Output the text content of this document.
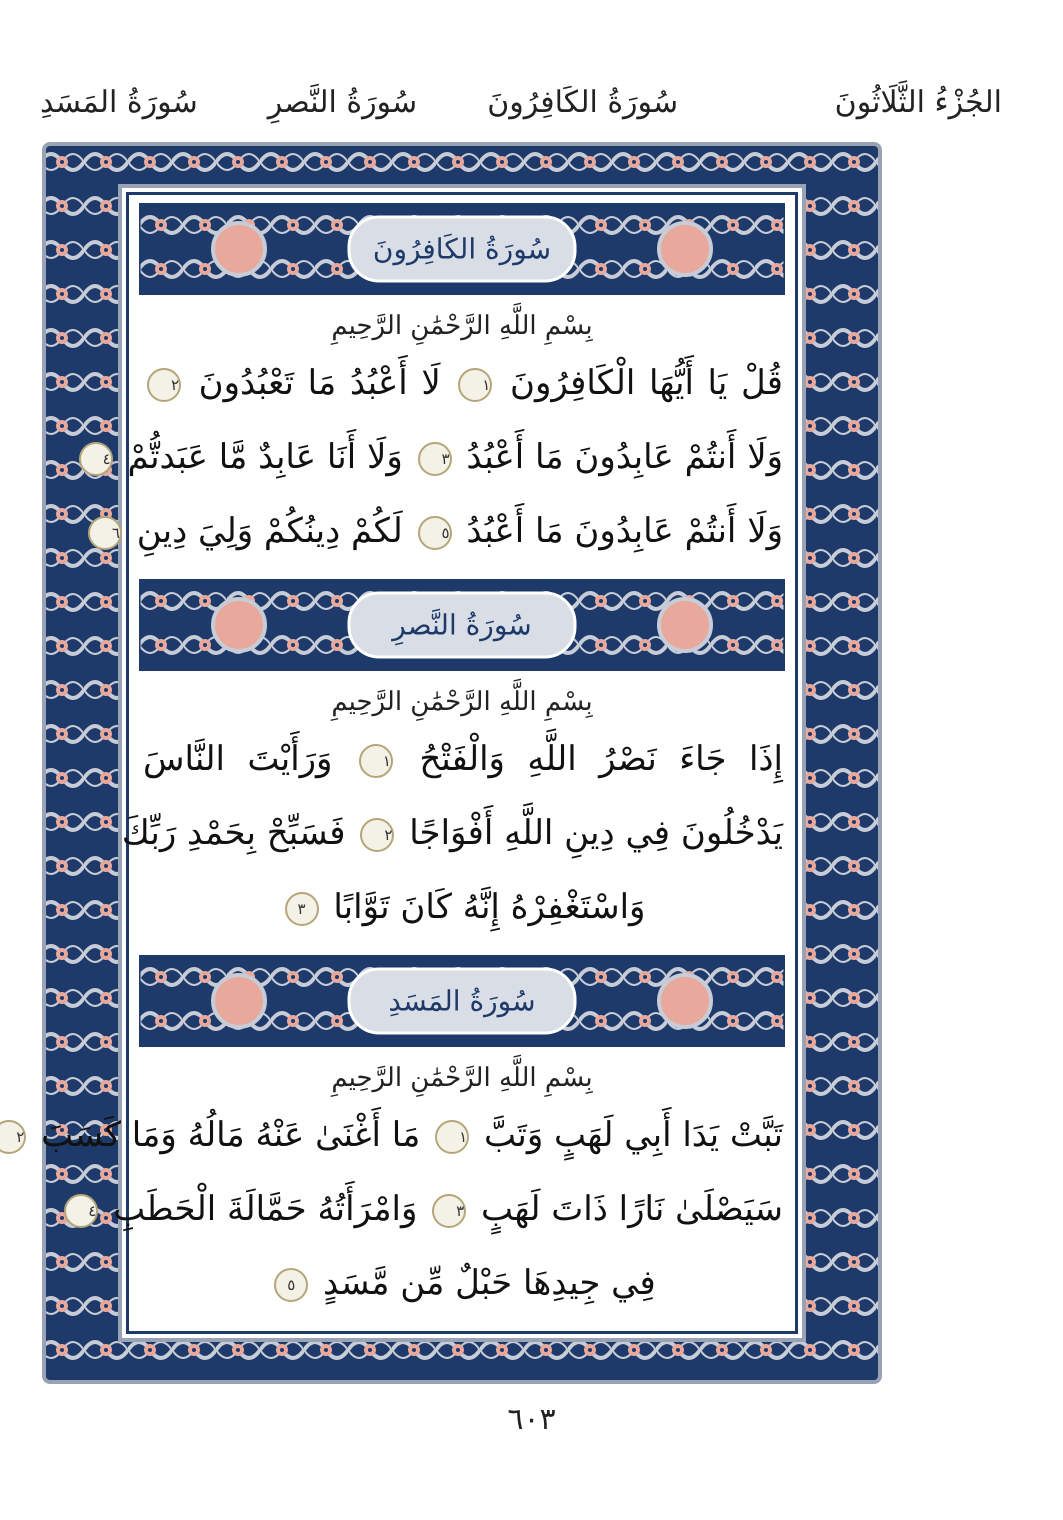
الجُزْءُ الثَّلَاثُونَ
سُورَةُ الكَافِرُونَ
سُورَةُ النَّصرِ
سُورَةُ المَسَدِ
سُورَةُ الكَافِرُونَ
بِسْمِ اللَّهِ الرَّحْمَٰنِ الرَّحِيمِ
قُلْ يَا أَيُّهَا الْكَافِرُونَ ١ لَا أَعْبُدُ مَا تَعْبُدُونَ ٢
وَلَا أَنتُمْ عَابِدُونَ مَا أَعْبُدُ ٣ وَلَا أَنَا عَابِدٌ مَّا عَبَدتُّمْ ٤
وَلَا أَنتُمْ عَابِدُونَ مَا أَعْبُدُ ٥ لَكُمْ دِينُكُمْ وَلِيَ دِينِ ٦
سُورَةُ النَّصرِ
بِسْمِ اللَّهِ الرَّحْمَٰنِ الرَّحِيمِ
إِذَا جَاءَ نَصْرُ اللَّهِ وَالْفَتْحُ ١ وَرَأَيْتَ النَّاسَ
يَدْخُلُونَ فِي دِينِ اللَّهِ أَفْوَاجًا ٢ فَسَبِّحْ بِحَمْدِ رَبِّكَ
وَاسْتَغْفِرْهُ إِنَّهُ كَانَ تَوَّابًا ٣
سُورَةُ المَسَدِ
بِسْمِ اللَّهِ الرَّحْمَٰنِ الرَّحِيمِ
تَبَّتْ يَدَا أَبِي لَهَبٍ وَتَبَّ ١ مَا أَغْنَىٰ عَنْهُ مَالُهُ وَمَا كَسَبَ ٢
سَيَصْلَىٰ نَارًا ذَاتَ لَهَبٍ ٣ وَامْرَأَتُهُ حَمَّالَةَ الْحَطَبِ ٤
فِي جِيدِهَا حَبْلٌ مِّن مَّسَدٍ ٥
٦٠٣
